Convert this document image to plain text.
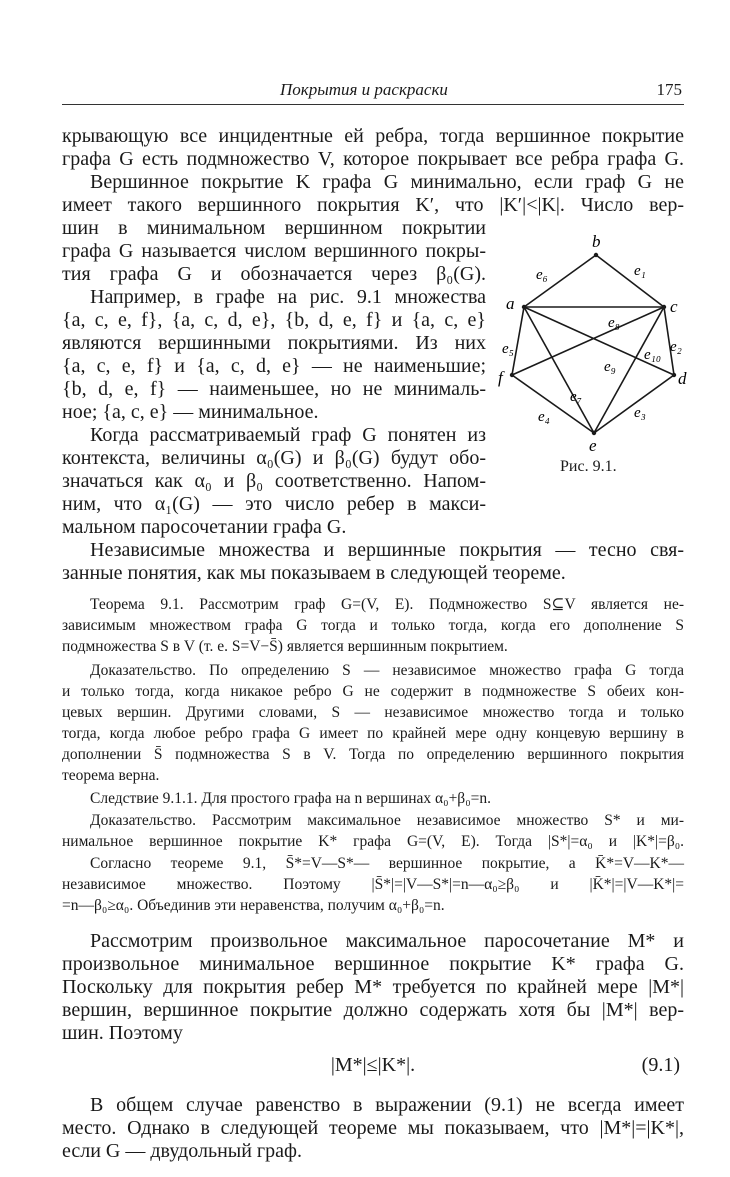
Покрытия и раскраски	175
крывающую все инцидентные ей ребра, тогда вершинное покрытие
графа G есть подмножество V, которое покрывает все ребра графа G.
Вершинное покрытие K графа G минимально, если граф G не
имеет такого вершинного покрытия K′, что |K′|<|K|. Число вер-
шин в минимальном вершинном покрытии
графа G называется числом вершинного покры-
тия графа G и обозначается через β₀(G).
Например, в графе на рис. 9.1 множества
{a, c, e, f}, {a, c, d, e}, {b, d, e, f} и {a, c, e}
являются вершинными покрытиями. Из них
{a, c, e, f} и {a, c, d, e} — не наименьшие;
{b, d, e, f} — наименьшее, но не минималь-
ное; {a, c, e} — минимальное.
Когда рассматриваемый граф G понятен из
контекста, величины α₀(G) и β₀(G) будут обо-
значаться как α₀ и β₀ соответственно. Напом-
ним, что α₁(G) — это число ребер в макси-
мальном паросочетании графа G.
Независимые множества и вершинные покрытия — тесно свя-
занные понятия, как мы показываем в следующей теореме.
Теорема 9.1. Рассмотрим граф G=(V, E). Подмножество S⊆V является не-
зависимым множеством графа G тогда и только тогда, когда его дополнение S
подмножества S в V (т. е. S=V−S̄) является вершинным покрытием.
Доказательство. По определению S — независимое множество графа G тогда
и только тогда, когда никакое ребро G не содержит в подмножестве S обеих кон-
цевых вершин. Другими словами, S — независимое множество тогда и только
тогда, когда любое ребро графа G имеет по крайней мере одну концевую вершину в
дополнении S̄ подмножества S в V. Тогда по определению вершинного покрытия
теорема верна.
Следствие 9.1.1. Для простого графа на n вершинах α₀+β₀=n.
Доказательство. Рассмотрим максимальное независимое множество S* и ми-
нимальное вершинное покрытие K* графа G=(V, E). Тогда |S*|=α₀ и |K*|=β₀.
Согласно теореме 9.1, S̄*=V—S*— вершинное покрытие, а K̄*=V—K*—
независимое множество. Поэтому |S̄*|=|V—S*|=n—α₀≥β₀ и |K̄*|=|V—K*|=
=n—β₀≥α₀. Объединив эти неравенства, получим α₀+β₀=n.
Рассмотрим произвольное максимальное паросочетание M* и
произвольное минимальное вершинное покрытие K* графа G.
Поскольку для покрытия ребер M* требуется по крайней мере |M*|
вершин, вершинное покрытие должно содержать хотя бы |M*| вер-
шин. Поэтому
|M*|≤|K*|.	(9.1)
В общем случае равенство в выражении (9.1) не всегда имеет
место. Однако в следующей теореме мы показываем, что |M*|=|K*|,
если G — двудольный граф.
a
b
c
d
e
f
e₁
e₂
e₃
e₄
e₅
e₆
e₇
e₈
e₉
e₁₀
Рис. 9.1.
